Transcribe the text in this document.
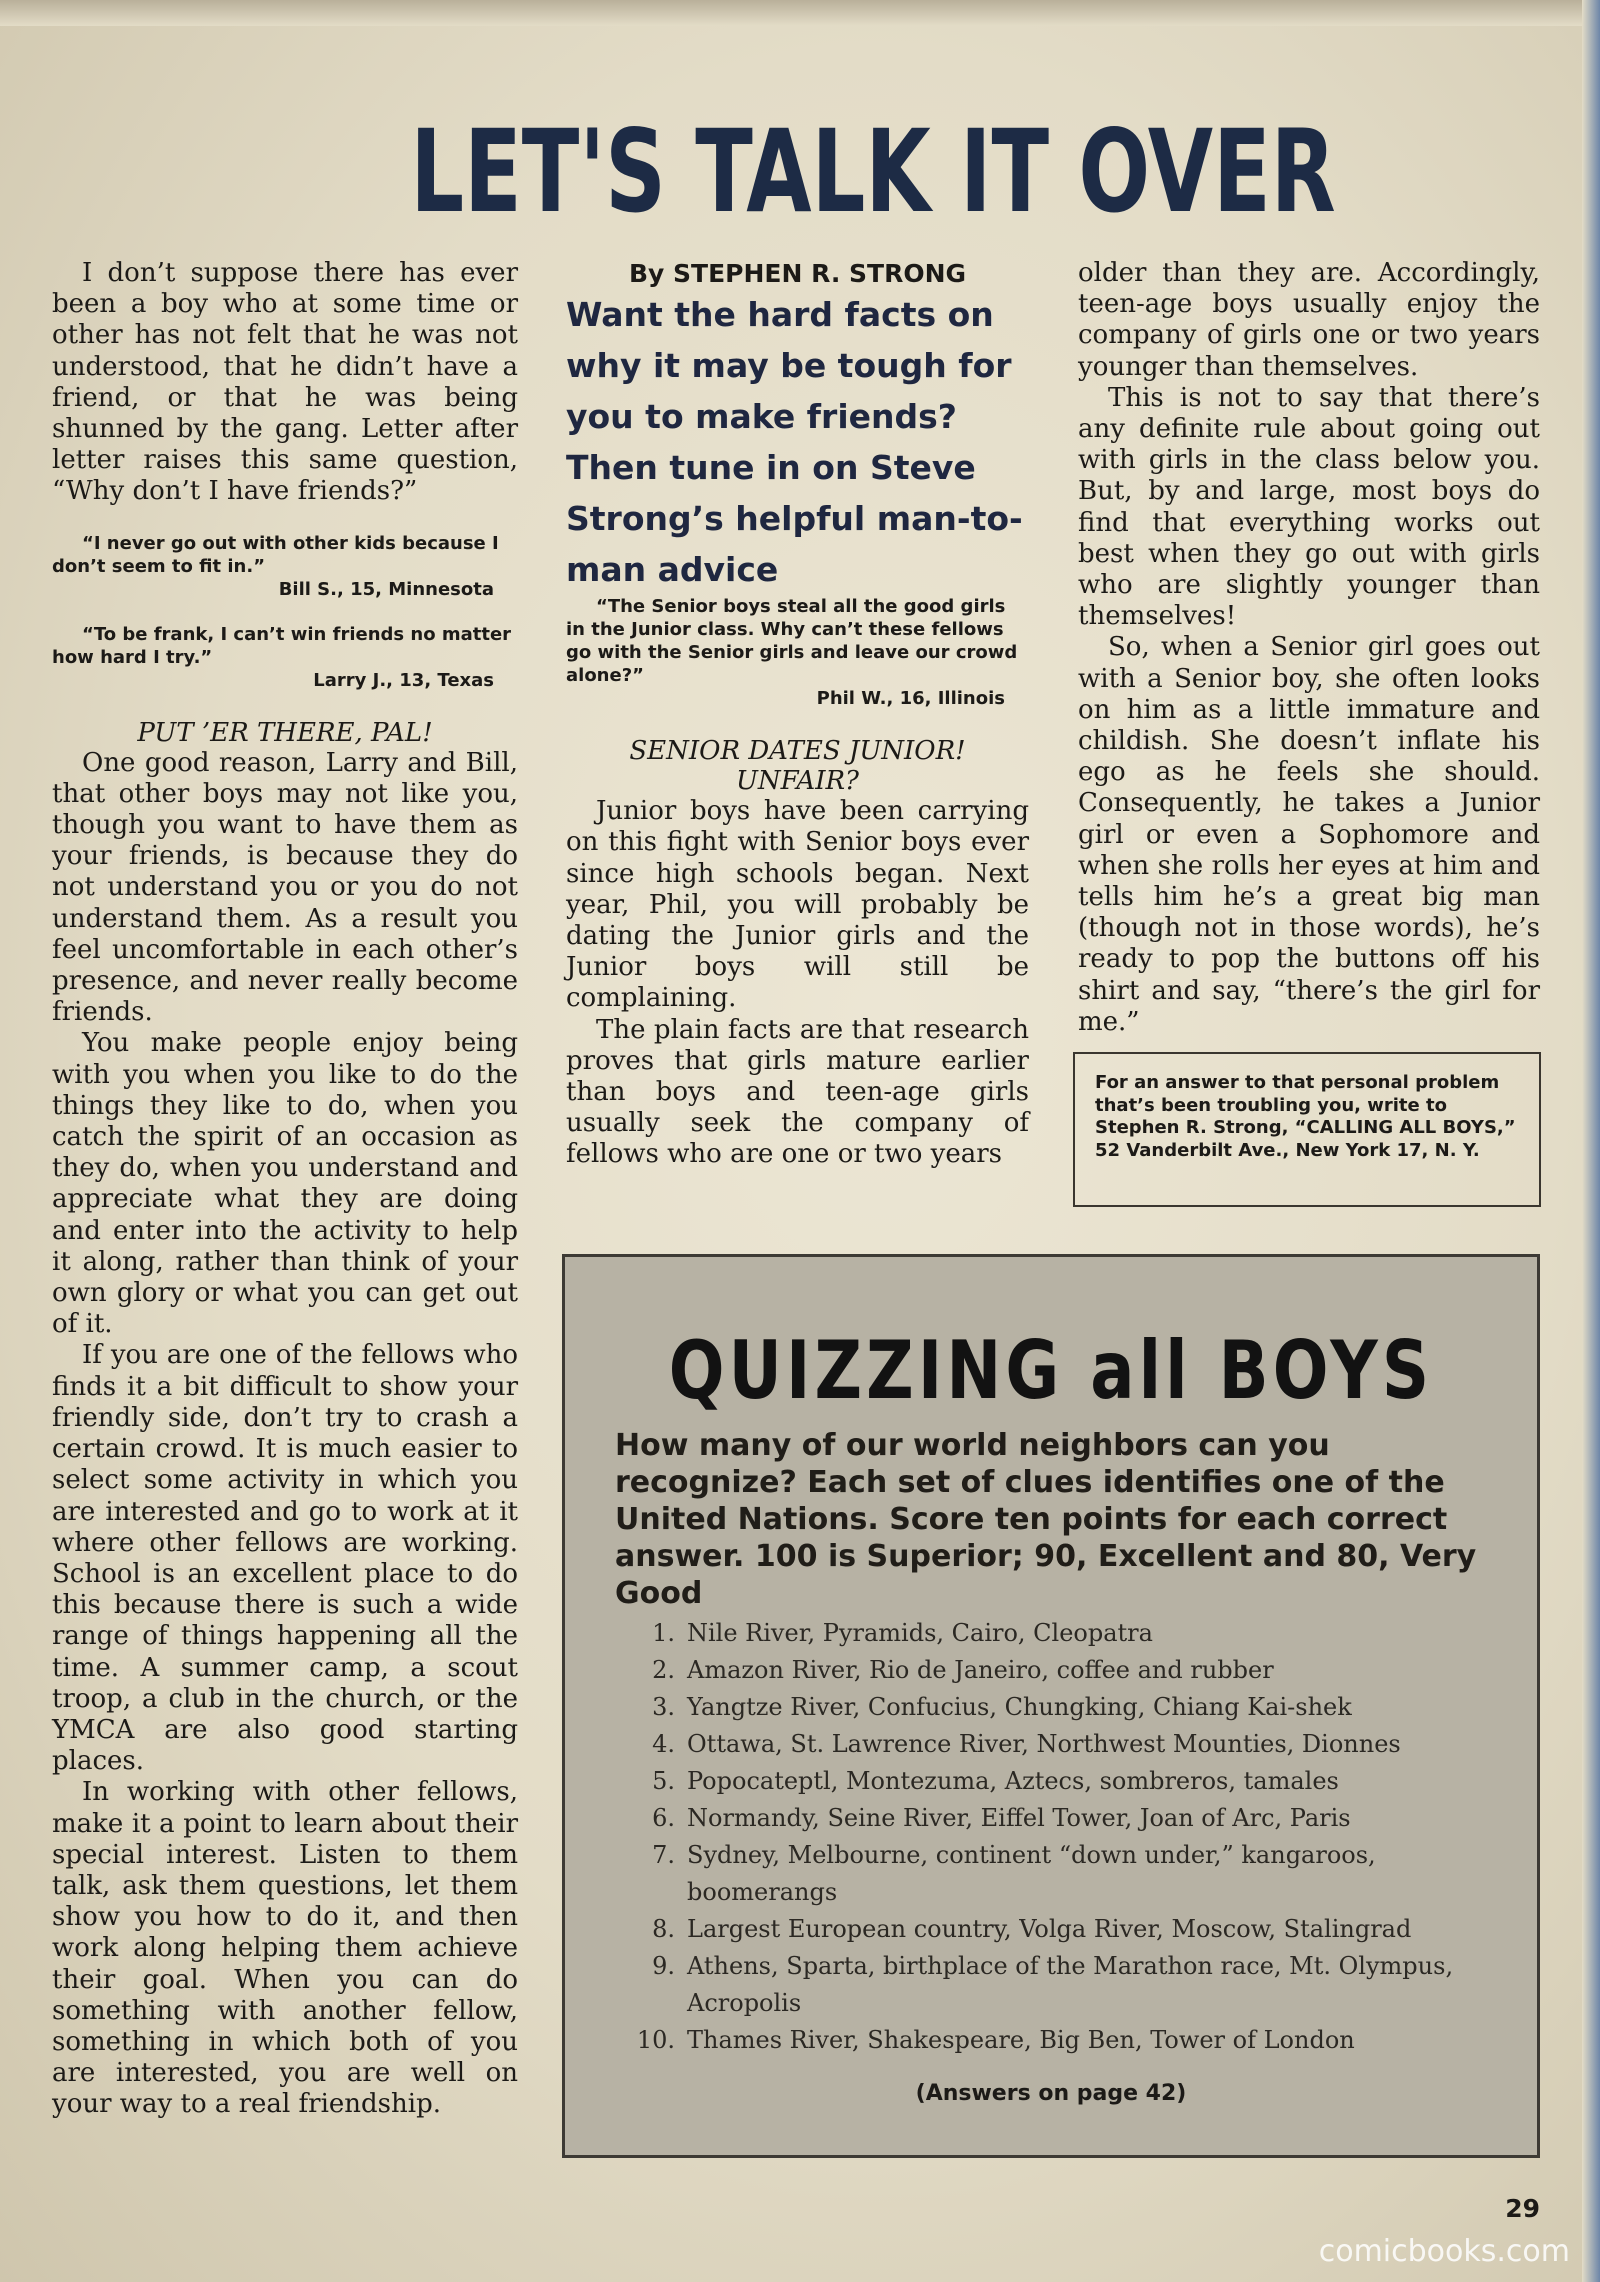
LET'S TALK IT OVER

I don’t suppose there has ever been a boy who at some time or other has not felt that he was not understood, that he didn’t have a friend, or that he was being shunned by the gang. Letter after letter raises this same question, “Why don’t I have friends?”

“I never go out with other kids because I don’t seem to fit in.”

Bill S., 15, Minnesota

“To be frank, I can’t win friends no matter how hard I try.”

Larry J., 13, Texas

PUT ’ER THERE, PAL!

One good reason, Larry and Bill, that other boys may not like you, though you want to have them as your friends, is because they do not understand you or you do not understand them. As a result you feel uncomfortable in each other’s presence, and never really become friends.

You make people enjoy being with you when you like to do the things they like to do, when you catch the spirit of an occasion as they do, when you understand and appreciate what they are doing and enter into the activity to help it along, rather than think of your own glory or what you can get out of it.

If you are one of the fellows who finds it a bit difficult to show your friendly side, don’t try to crash a certain crowd. It is much easier to select some activity in which you are interested and go to work at it where other fellows are working. School is an excellent place to do this because there is such a wide range of things happening all the time. A summer camp, a scout troop, a club in the church, or the YMCA are also good starting places.

In working with other fellows, make it a point to learn about their special interest. Listen to them talk, ask them questions, let them show you how to do it, and then work along helping them achieve their goal. When you can do something with another fellow, something in which both of you are interested, you are well on your way to a real friendship.

By STEPHEN R. STRONG

Want the hard facts on why it may be tough for you to make friends? Then tune in on Steve Strong’s helpful man-to-man advice

“The Senior boys steal all the good girls in the Junior class. Why can’t these fellows go with the Senior girls and leave our crowd alone?”

Phil W., 16, Illinois

SENIOR DATES JUNIOR! UNFAIR?

Junior boys have been carrying on this fight with Senior boys ever since high schools began. Next year, Phil, you will probably be dating the Junior girls and the Junior boys will still be complaining.

The plain facts are that research proves that girls mature earlier than boys and teen-age girls usually seek the company of fellows who are one or two years

older than they are. Accordingly, teen-age boys usually enjoy the company of girls one or two years younger than themselves.

This is not to say that there’s any definite rule about going out with girls in the class below you. But, by and large, most boys do find that everything works out best when they go out with girls who are slightly younger than themselves!

So, when a Senior girl goes out with a Senior boy, she often looks on him as a little immature and childish. She doesn’t inflate his ego as he feels she should. Consequently, he takes a Junior girl or even a Sophomore and when she rolls her eyes at him and tells him he’s a great big man (though not in those words), he’s ready to pop the buttons off his shirt and say, “there’s the girl for me.”

For an answer to that personal problem that’s been troubling you, write to Stephen R. Strong, “CALLING ALL BOYS,” 52 Vanderbilt Ave., New York 17, N. Y.
QUIZZING all BOYS
How many of our world neighbors can you recognize? Each set of clues identifies one of the United Nations. Score ten points for each correct answer. 100 is Superior; 90, Excellent and 80, Very Good
1. Nile River, Pyramids, Cairo, Cleopatra
2. Amazon River, Rio de Janeiro, coffee and rubber
3. Yangtze River, Confucius, Chungking, Chiang Kai-shek
4. Ottawa, St. Lawrence River, Northwest Mounties, Dionnes
5. Popocateptl, Montezuma, Aztecs, sombreros, tamales
6. Normandy, Seine River, Eiffel Tower, Joan of Arc, Paris
7. Sydney, Melbourne, continent “down under,” kangaroos, boomerangs
8. Largest European country, Volga River, Moscow, Stalingrad
9. Athens, Sparta, birthplace of the Marathon race, Mt. Olympus, Acropolis
10. Thames River, Shakespeare, Big Ben, Tower of London
(Answers on page 42)
29
comicbooks.com
